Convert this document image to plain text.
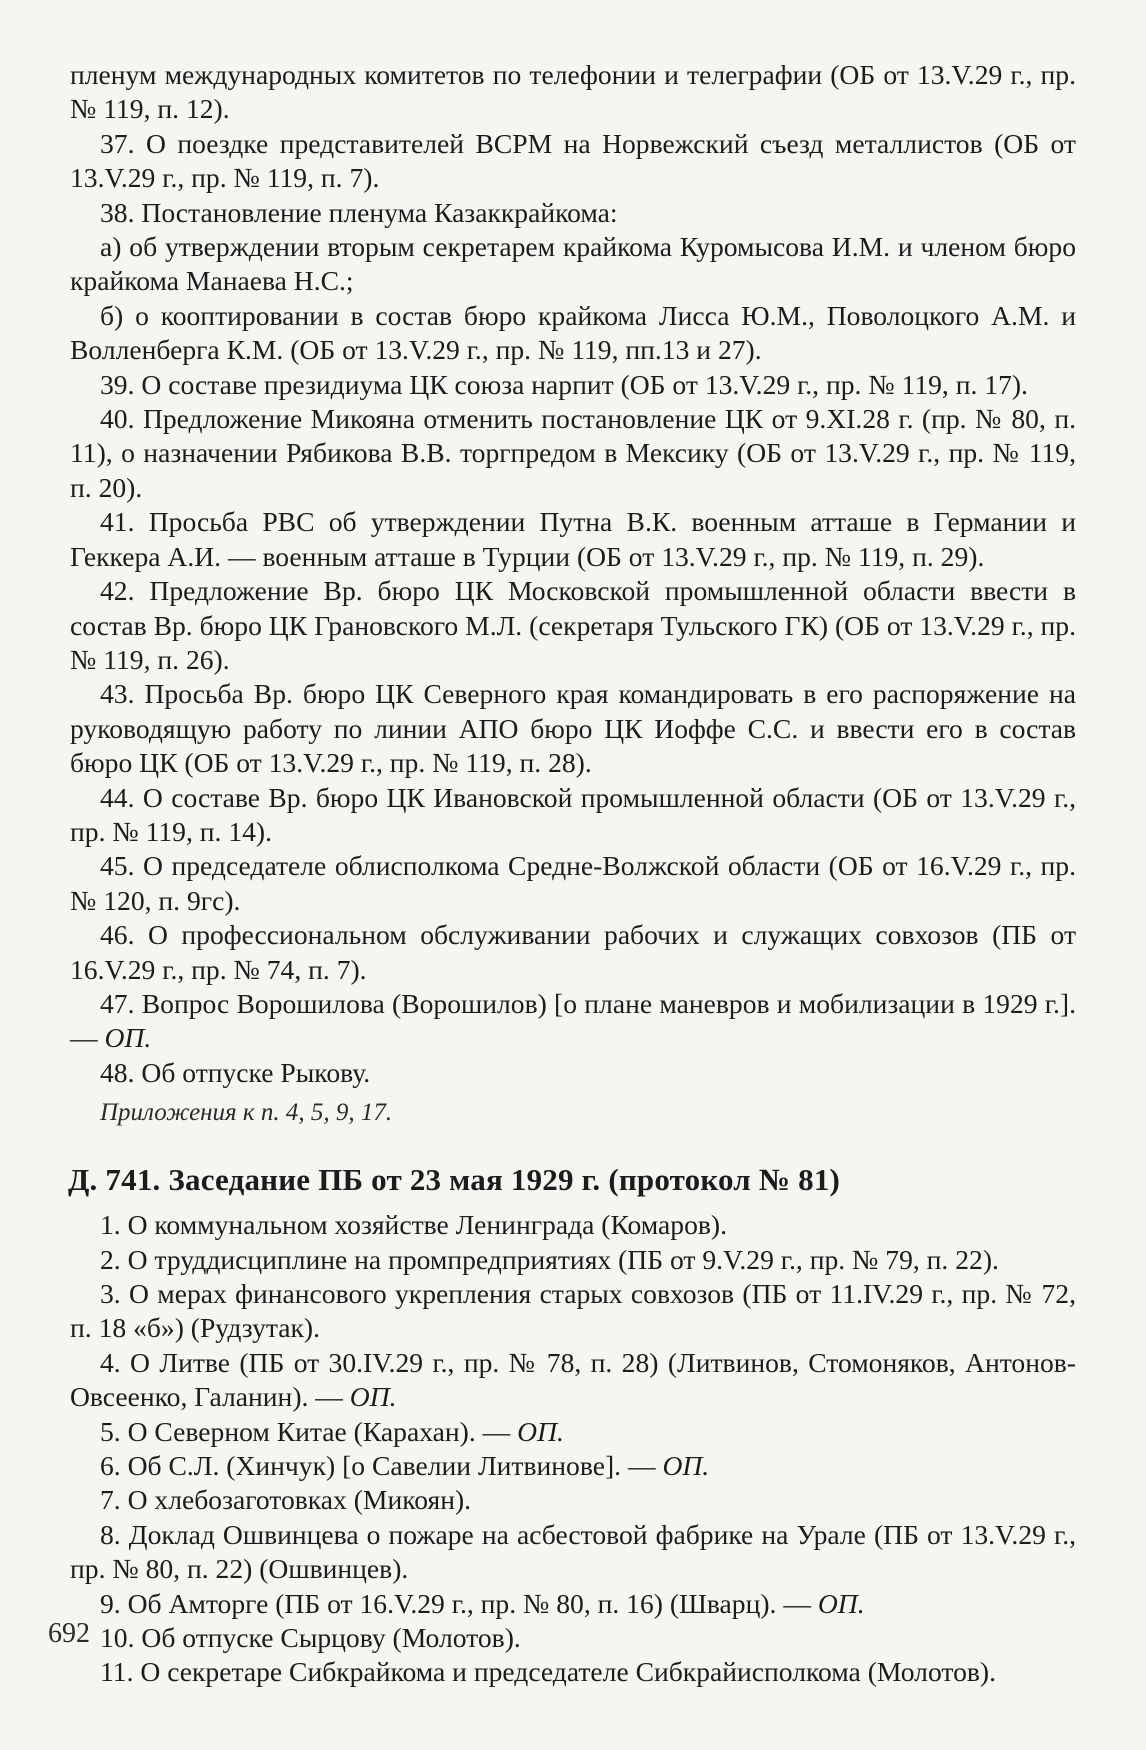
пленум международных комитетов по телефонии и телеграфии (ОБ от 13.V.29 г., пр. № 119, п. 12).

37. О поездке представителей ВСРМ на Норвежский съезд металлистов (ОБ от 13.V.29 г., пр. № 119, п. 7).

38. Постановление пленума Казаккрайкома:

а) об утверждении вторым секретарем крайкома Куромысова И.М. и членом бюро крайкома Манаева Н.С.;

б) о кооптировании в состав бюро крайкома Лисса Ю.М., Поволоцкого А.М. и Волленберга К.М. (ОБ от 13.V.29 г., пр. № 119, пп.13 и 27).

39. О составе президиума ЦК союза нарпит (ОБ от 13.V.29 г., пр. № 119, п. 17).

40. Предложение Микояна отменить постановление ЦК от 9.XI.28 г. (пр. № 80, п. 11), о назначении Рябикова В.В. торгпредом в Мексику (ОБ от 13.V.29 г., пр. № 119, п. 20).

41. Просьба РВС об утверждении Путна В.К. военным атташе в Германии и Геккера А.И. — военным атташе в Турции (ОБ от 13.V.29 г., пр. № 119, п. 29).

42. Предложение Вр. бюро ЦК Московской промышленной области ввести в состав Вр. бюро ЦК Грановского М.Л. (секретаря Тульского ГК) (ОБ от 13.V.29 г., пр. № 119, п. 26).

43. Просьба Вр. бюро ЦК Северного края командировать в его распоряжение на руководящую работу по линии АПО бюро ЦК Иоффе С.С. и ввести его в состав бюро ЦК (ОБ от 13.V.29 г., пр. № 119, п. 28).

44. О составе Вр. бюро ЦК Ивановской промышленной области (ОБ от 13.V.29 г., пр. № 119, п. 14).

45. О председателе облисполкома Средне-Волжской области (ОБ от 16.V.29 г., пр. № 120, п. 9гс).

46. О профессиональном обслуживании рабочих и служащих совхозов (ПБ от 16.V.29 г., пр. № 74, п. 7).

47. Вопрос Ворошилова (Ворошилов) [о плане маневров и мобилизации в 1929 г.]. — ОП.

48. Об отпуске Рыкову.

Приложения к п. 4, 5, 9, 17.

Д. 741. Заседание ПБ от 23 мая 1929 г. (протокол № 81)

1. О коммунальном хозяйстве Ленинграда (Комаров).

2. О труддисциплине на промпредприятиях (ПБ от 9.V.29 г., пр. № 79, п. 22).

3. О мерах финансового укрепления старых совхозов (ПБ от 11.IV.29 г., пр. № 72, п. 18 «б») (Рудзутак).

4. О Литве (ПБ от 30.IV.29 г., пр. № 78, п. 28) (Литвинов, Стомоняков, Антонов-Овсеенко, Галанин). — ОП.

5. О Северном Китае (Карахан). — ОП.

6. Об С.Л. (Хинчук) [о Савелии Литвинове]. — ОП.

7. О хлебозаготовках (Микоян).

8. Доклад Ошвинцева о пожаре на асбестовой фабрике на Урале (ПБ от 13.V.29 г., пр. № 80, п. 22) (Ошвинцев).

9. Об Амторге (ПБ от 16.V.29 г., пр. № 80, п. 16) (Шварц). — ОП.

10. Об отпуске Сырцову (Молотов).

11. О секретаре Сибкрайкома и председателе Сибкрайисполкома (Молотов).

692
